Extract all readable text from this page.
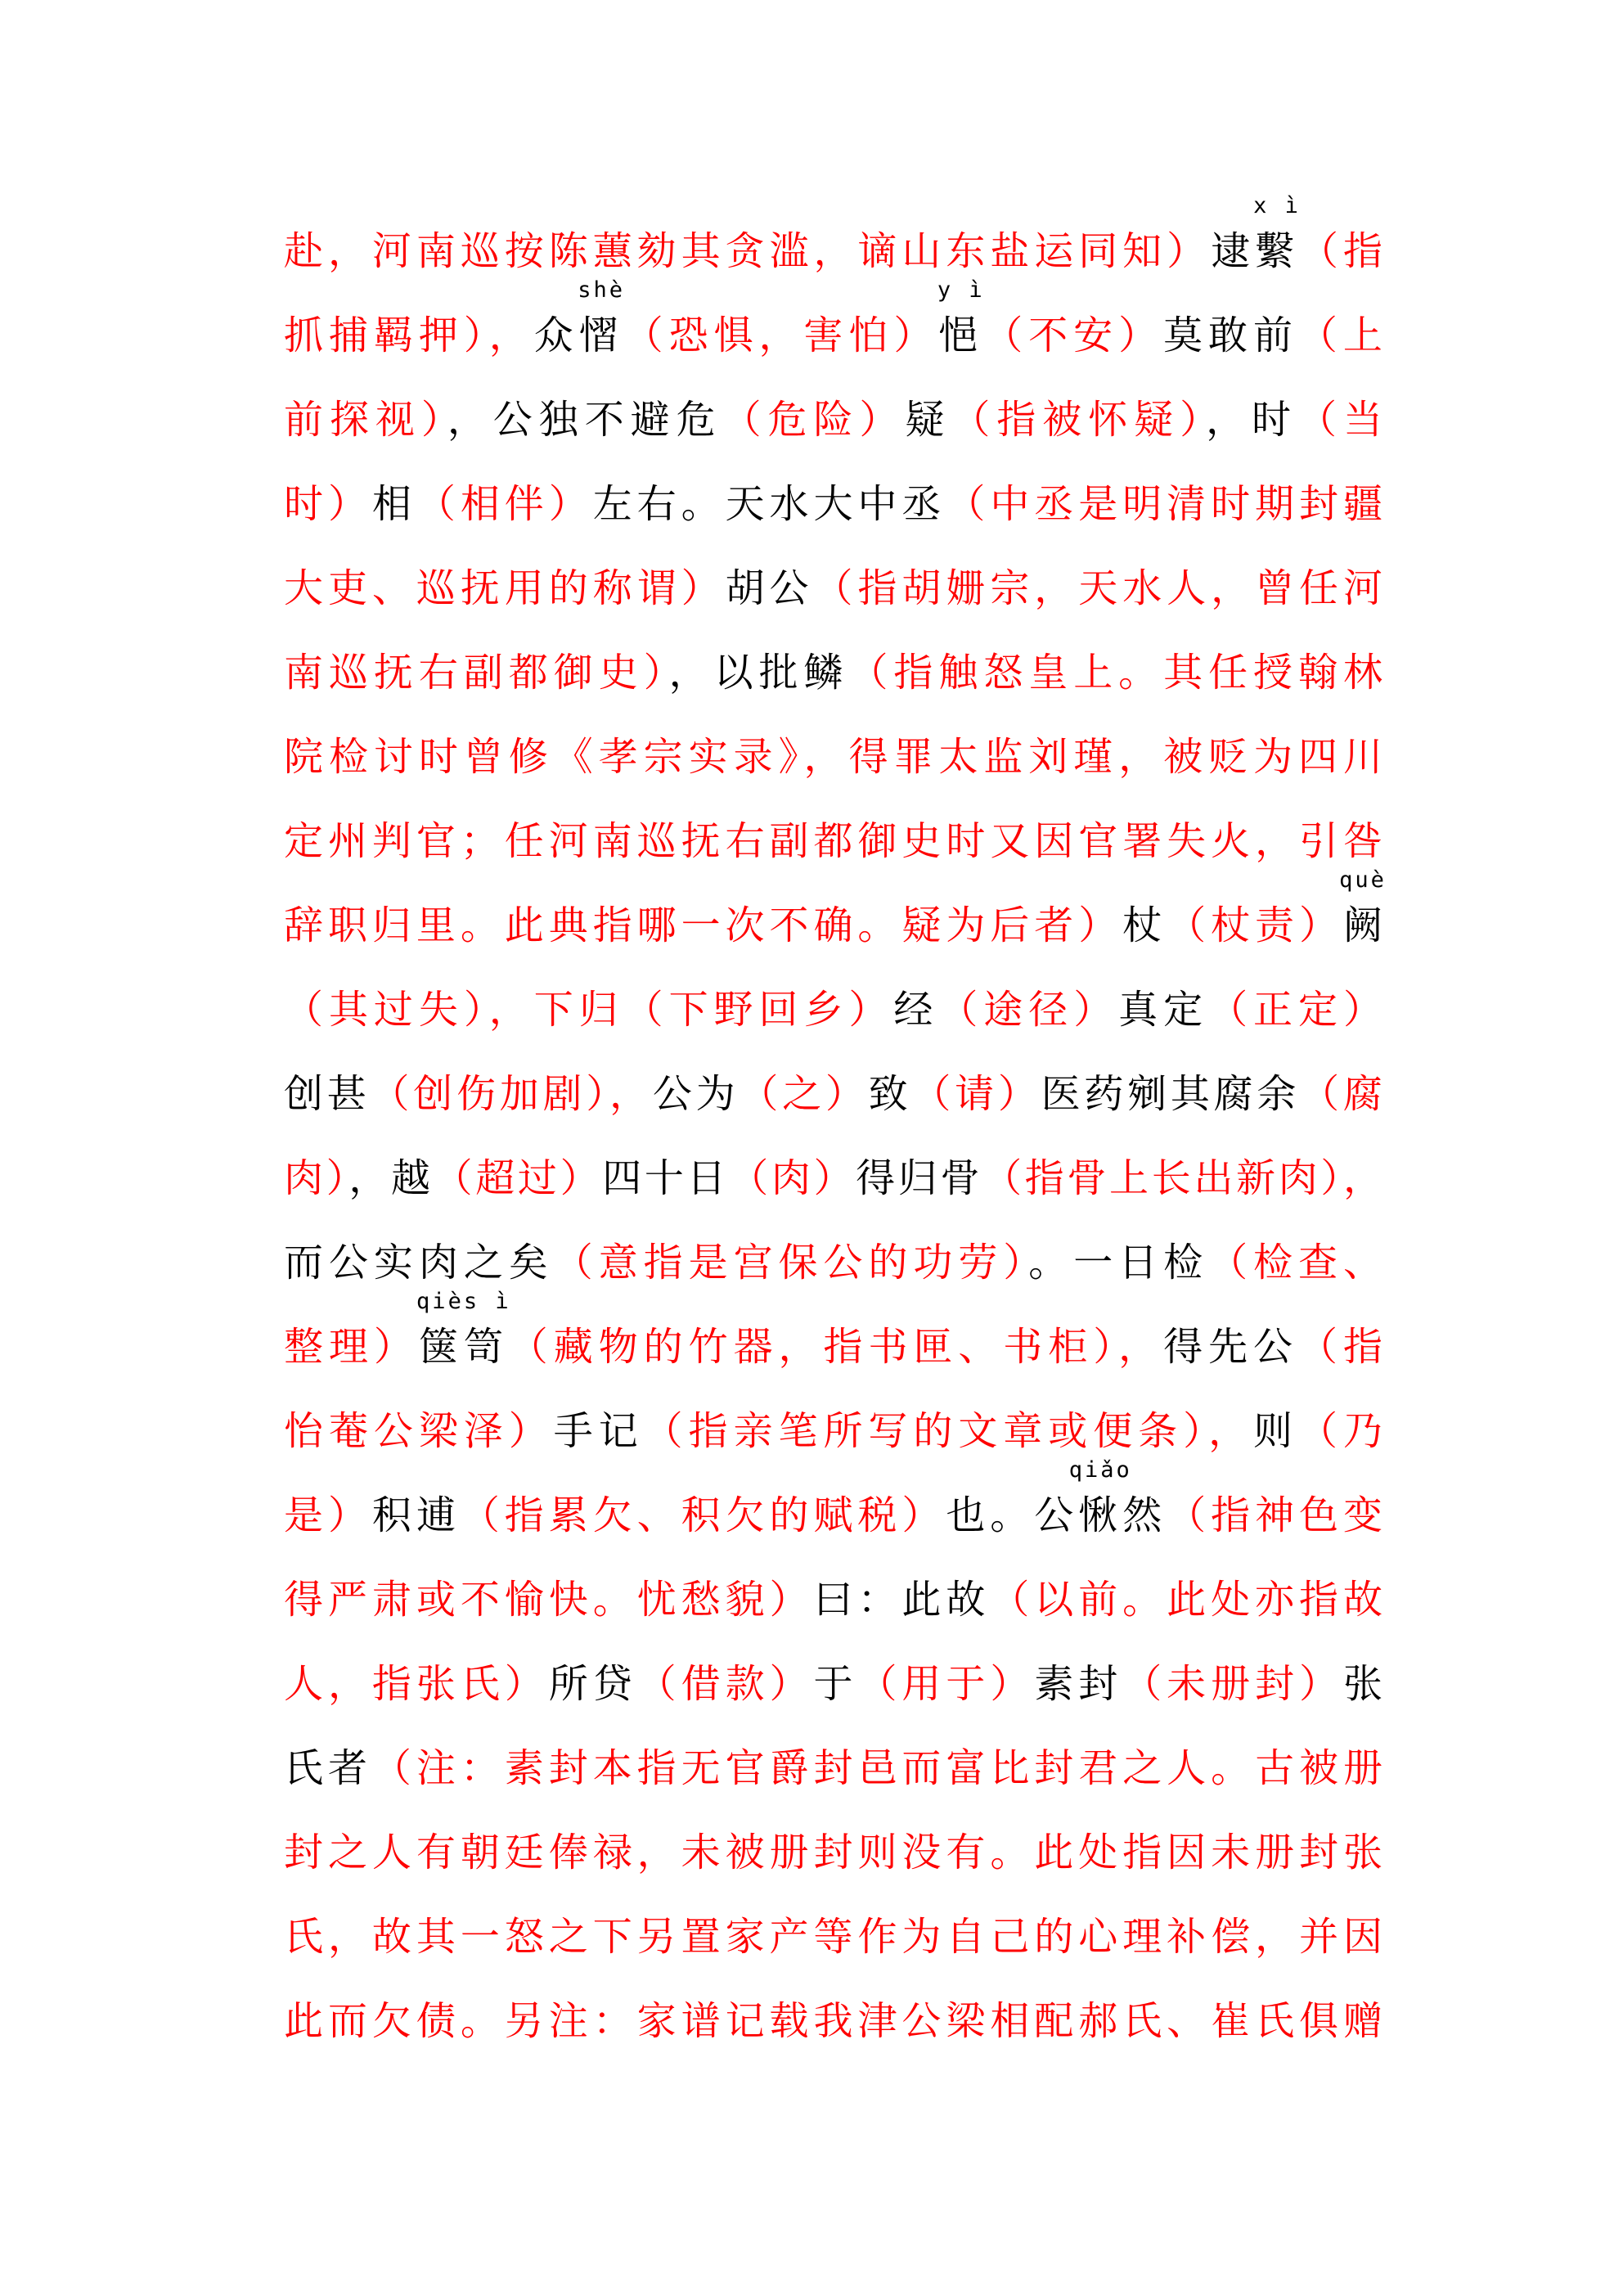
赴，河南巡按陈蕙劾其贪滥，谪山东盐运同知）逮
x ì
繫（指
抓捕羁押），众
shè
慴（恐惧，害怕）
y ì
悒（不安）莫敢前（上
前探视），公独不避危（危险）疑（指被怀疑），时（当
时）相（相伴）左右。天水大中丞（中丞是明清时期封疆
大吏、巡抚用的称谓）胡公（指胡姗宗，天水人，曾任河
南巡抚右副都御史），以批鳞（指触怒皇上。其任授翰林
院检讨时曾修《孝宗实录》，得罪太监刘瑾，被贬为四川
定州判官；任河南巡抚右副都御史时又因官署失火，引咎
辞职归里。此典指哪一次不确。疑为后者）杖（杖责）
què
阙
（其过失），下归（下野回乡）经（途径）真定（正定）
创甚（创伤加剧），公为（之）致（请）医药剜其腐余（腐
肉），越（超过）四十日（肉）得归骨（指骨上长出新肉），
而公实肉之矣（意指是宫保公的功劳）。一日检（检查、
整理）
qiès ì
箧笥（藏物的竹器，指书匣、书柜），得先公（指
怡菴公梁泽）手记（指亲笔所写的文章或便条），则（乃
是）积逋（指累欠、积欠的赋税）也。公
qiǎo
愀然（指神色变
得严肃或不愉快。忧愁貌）曰：此故（以前。此处亦指故
人，指张氏）所贷（借款）于（用于）素封（未册封）张
氏者（注：素封本指无官爵封邑而富比封君之人。古被册
封之人有朝廷俸禄，未被册封则没有。此处指因未册封张
氏，故其一怒之下另置家产等作为自己的心理补偿，并因
此而欠债。另注：家谱记载我津公梁相配郝氏、崔氏俱赠
